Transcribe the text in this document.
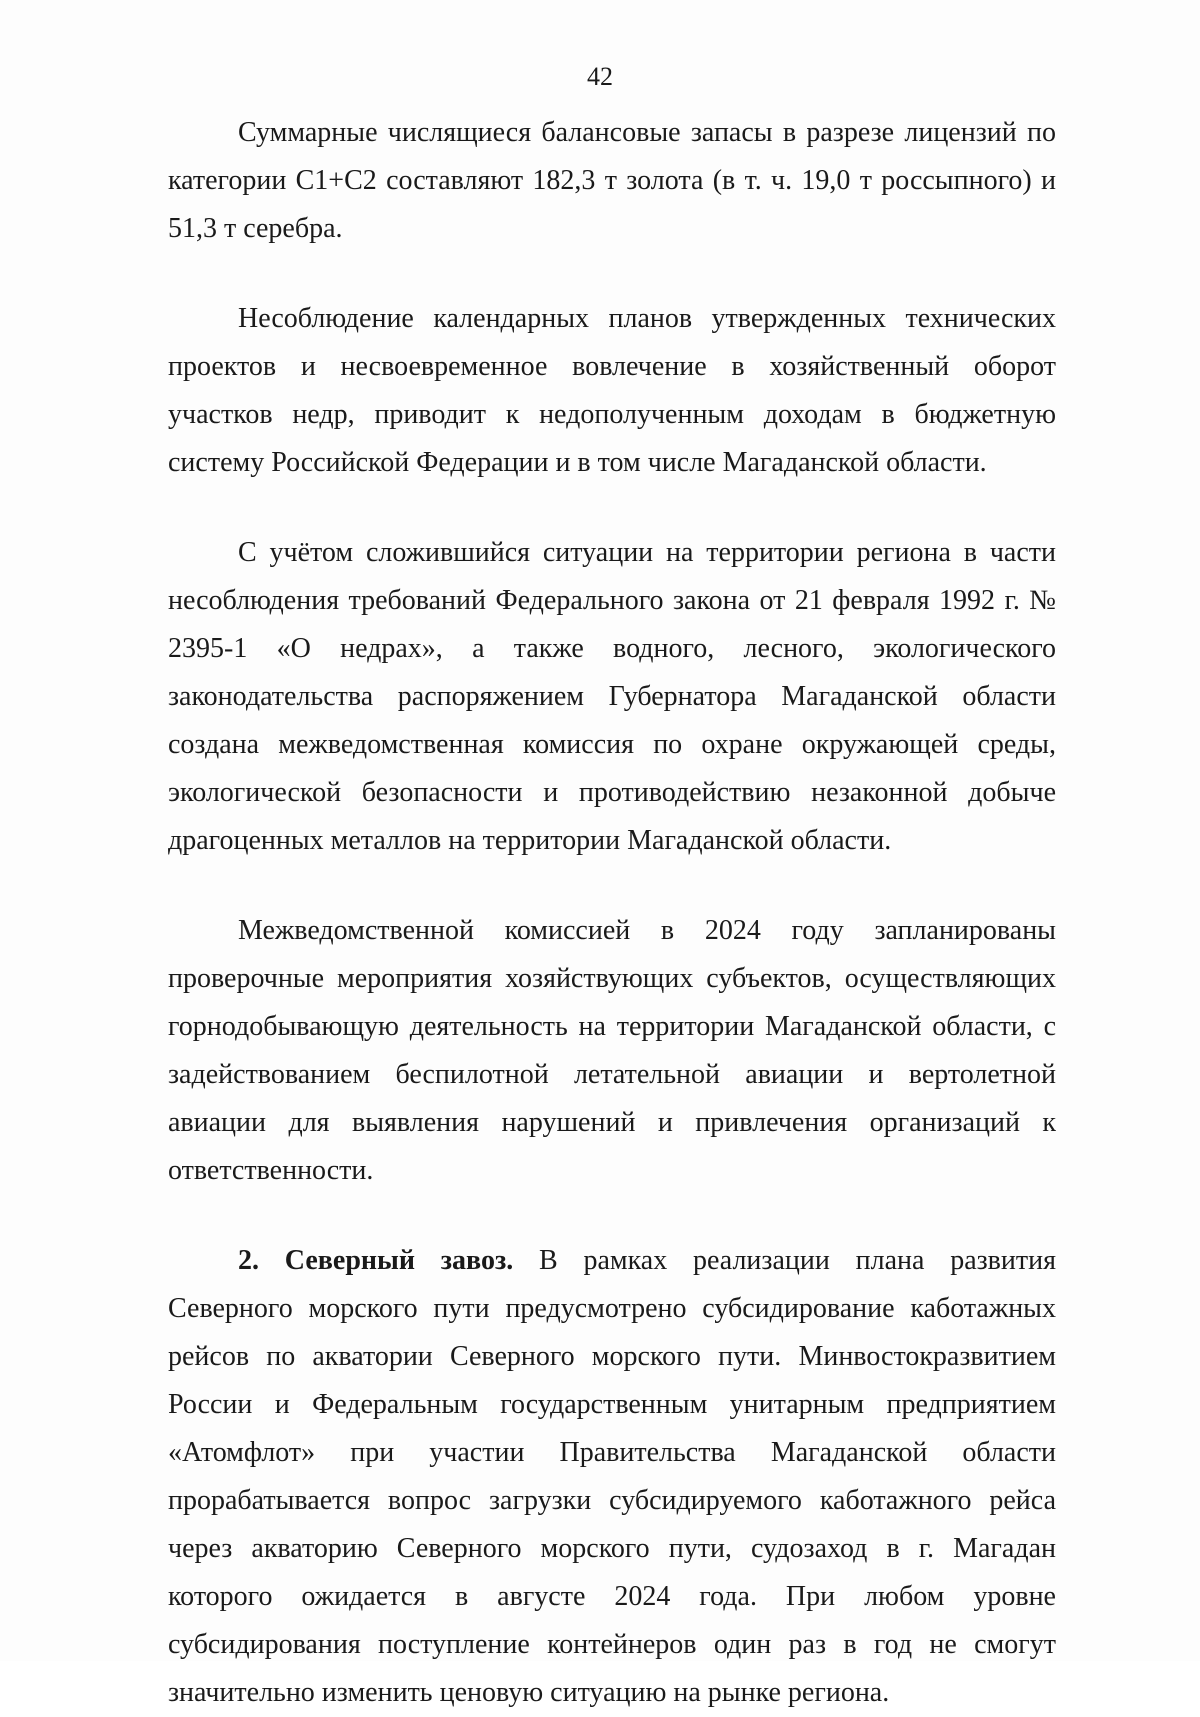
42

Суммарные числящиеся балансовые запасы в разрезе лицензий по категории С1+С2 составляют 182,3 т золота (в т. ч. 19,0 т россыпного) и 51,3 т серебра.

Несоблюдение календарных планов утвержденных технических проектов и несвоевременное вовлечение в хозяйственный оборот участков недр, приводит к недополученным доходам в бюджетную систему Российской Федерации и в том числе Магаданской области.

С учётом сложившийся ситуации на территории региона в части несоблюдения требований Федерального закона от 21 февраля 1992 г. № 2395-1 «О недрах», а также водного, лесного, экологического законодательства распоряжением Губернатора Магаданской области создана межведомственная комиссия по охране окружающей среды, экологической безопасности и противодействию незаконной добыче драгоценных металлов на территории Магаданской области.

Межведомственной комиссией в 2024 году запланированы проверочные мероприятия хозяйствующих субъектов, осуществляющих горнодобывающую деятельность на территории Магаданской области, с задействованием беспилотной летательной авиации и вертолетной авиации для выявления нарушений и привлечения организаций к ответственности.

2. Северный завоз. В рамках реализации плана развития Северного морского пути предусмотрено субсидирование каботажных рейсов по акватории Северного морского пути. Минвостокразвитием России и Федеральным государственным унитарным предприятием «Атомфлот» при участии Правительства Магаданской области прорабатывается вопрос загрузки субсидируемого каботажного рейса через акваторию Северного морского пути, судозаход в г. Магадан которого ожидается в августе 2024 года. При любом уровне субсидирования поступление контейнеров один раз в год не смогут значительно изменить ценовую ситуацию на рынке региона.
